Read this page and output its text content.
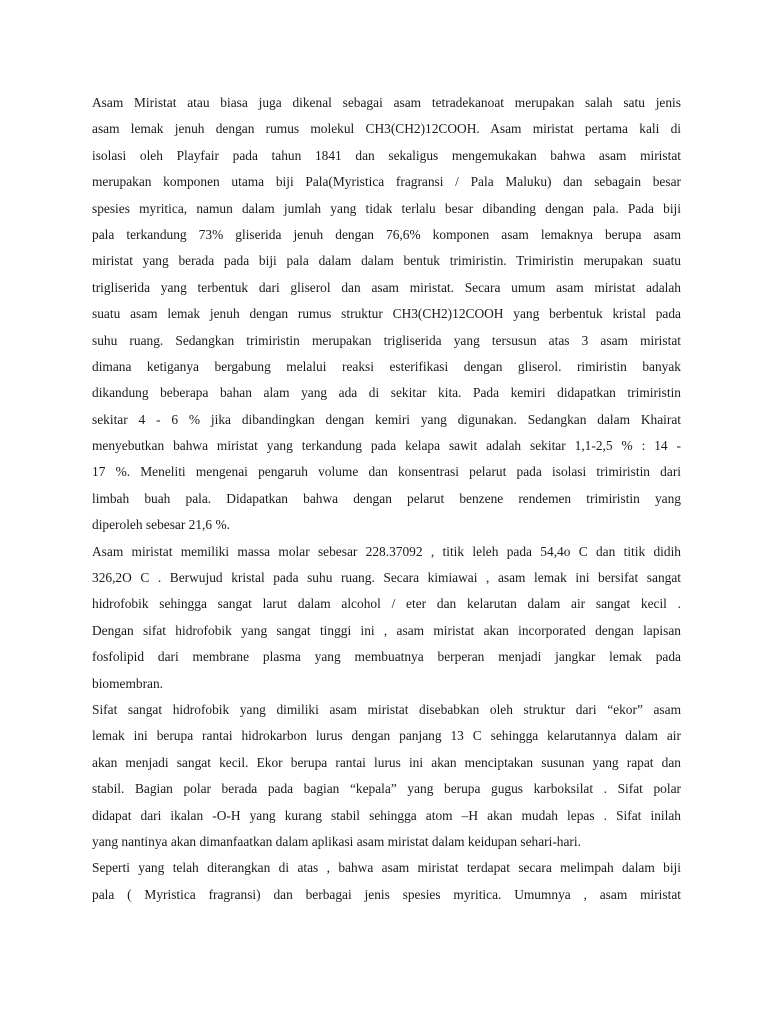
Asam Miristat atau biasa juga dikenal sebagai asam tetradekanoat merupakan salah satu jenis
asam lemak jenuh dengan rumus molekul CH3(CH2)12COOH. Asam miristat pertama kali di
isolasi oleh Playfair pada tahun 1841 dan sekaligus mengemukakan bahwa asam miristat
merupakan komponen utama biji Pala(Myristica fragransi / Pala Maluku) dan sebagain besar
spesies myritica, namun dalam jumlah yang tidak terlalu besar dibanding dengan pala. Pada biji
pala terkandung 73% gliserida jenuh dengan 76,6% komponen asam lemaknya berupa asam
miristat yang berada pada biji pala dalam dalam bentuk trimiristin. Trimiristin merupakan suatu
trigliserida yang terbentuk dari gliserol dan asam miristat. Secara umum asam miristat adalah
suatu asam lemak jenuh dengan rumus struktur CH3(CH2)12COOH yang berbentuk kristal pada
suhu ruang. Sedangkan trimiristin merupakan trigliserida yang tersusun atas 3 asam miristat
dimana ketiganya bergabung melalui reaksi esterifikasi dengan gliserol. rimiristin banyak
dikandung beberapa bahan alam yang ada di sekitar kita. Pada kemiri didapatkan trimiristin
sekitar 4 - 6 % jika dibandingkan dengan kemiri yang digunakan. Sedangkan dalam Khairat
menyebutkan bahwa miristat yang terkandung pada kelapa sawit adalah sekitar 1,1-2,5 % : 14 -
17 %. Meneliti mengenai pengaruh volume dan konsentrasi pelarut pada isolasi trimiristin dari
limbah buah pala. Didapatkan bahwa dengan pelarut benzene rendemen trimiristin yang
diperoleh sebesar 21,6 %.
Asam miristat memiliki massa molar sebesar 228.37092 , titik leleh pada 54,4o C dan titik didih
326,2O C . Berwujud kristal pada suhu ruang. Secara kimiawai , asam lemak ini bersifat sangat
hidrofobik sehingga sangat larut dalam alcohol / eter dan kelarutan dalam air sangat kecil .
Dengan sifat hidrofobik yang sangat tinggi ini , asam miristat akan incorporated dengan lapisan
fosfolipid dari membrane plasma yang membuatnya berperan menjadi jangkar lemak pada
biomembran.
Sifat sangat hidrofobik yang dimiliki asam miristat disebabkan oleh struktur dari “ekor” asam
lemak ini berupa rantai hidrokarbon lurus dengan panjang 13 C sehingga kelarutannya dalam air
akan menjadi sangat kecil. Ekor berupa rantai lurus ini akan menciptakan susunan yang rapat dan
stabil. Bagian polar berada pada bagian “kepala” yang berupa gugus karboksilat . Sifat polar
didapat dari ikalan -O-H yang kurang stabil sehingga atom –H akan mudah lepas . Sifat inilah
yang nantinya akan dimanfaatkan dalam aplikasi asam miristat dalam keidupan sehari-hari.
Seperti yang telah diterangkan di atas , bahwa asam miristat terdapat secara melimpah dalam biji
pala ( Myristica fragransi) dan berbagai jenis spesies myritica. Umumnya , asam miristat
